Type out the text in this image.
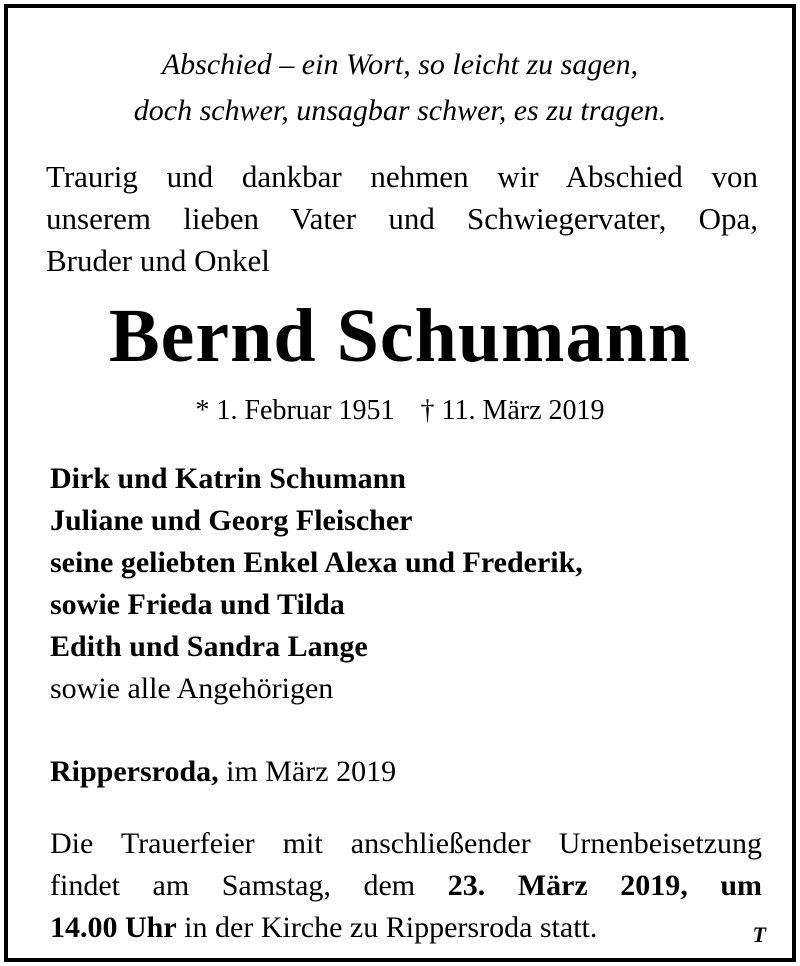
Abschied – ein Wort, so leicht zu sagen,
doch schwer, unsagbar schwer, es zu tragen.
Traurig und dankbar nehmen wir Abschied von
unserem lieben Vater und Schwiegervater, Opa,
Bruder und Onkel
Bernd Schumann
* 1. Februar 1951 † 11. März 2019
Dirk und Katrin Schumann
Juliane und Georg Fleischer
seine geliebten Enkel Alexa und Frederik,
sowie Frieda und Tilda
Edith und Sandra Lange
sowie alle Angehörigen
Rippersroda, im März 2019
Die Trauerfeier mit anschließender Urnenbeisetzung
findet am Samstag, dem 23. März 2019, um
14.00 Uhr in der Kirche zu Rippersroda statt.	T
